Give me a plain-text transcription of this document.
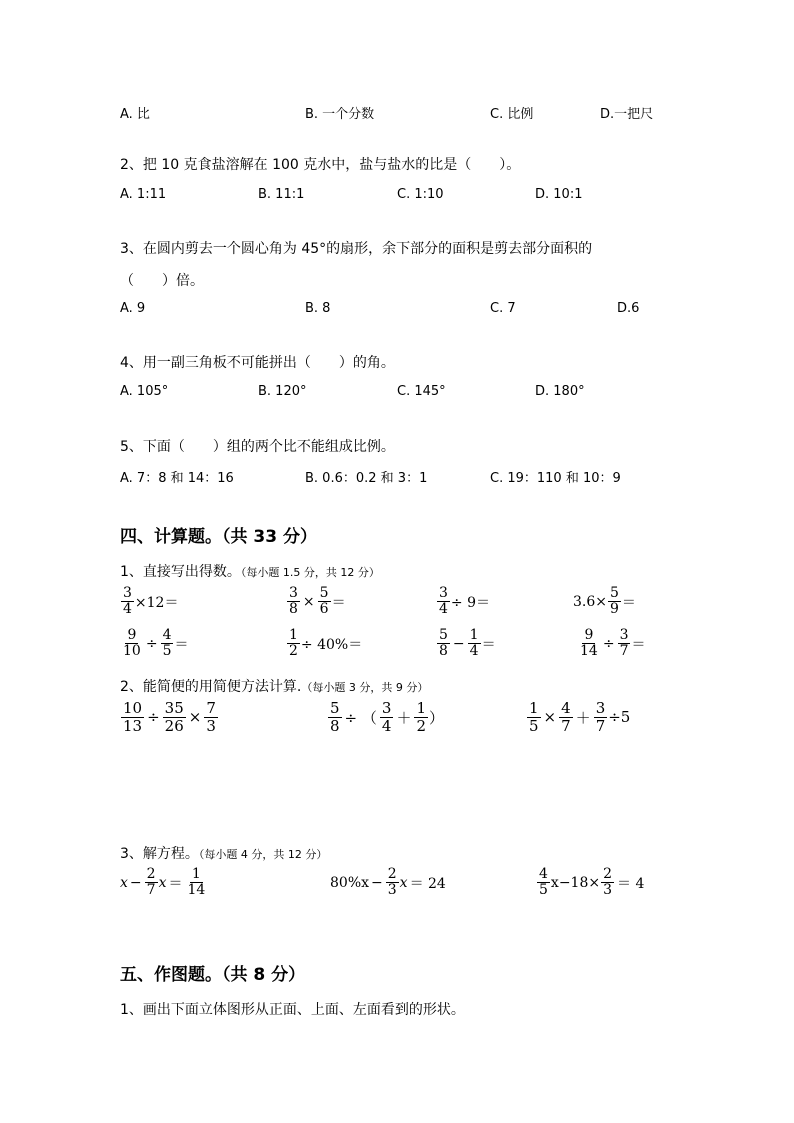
A. 比	B. 一个分数	C. 比例	D.一把尺
2、把 10 克食盐溶解在 100 克水中，盐与盐水的比是（　　）。
A. 1:11	B. 11:1	C. 1:10	D. 10:1
3、在圆内剪去一个圆心角为 45°的扇形，余下部分的面积是剪去部分面积的
（　　）倍。
A. 9	B. 8	C. 7	D.6
4、用一副三角板不可能拼出（　　）的角。
A. 105°	B. 120°	C. 145°	D. 180°
5、下面（　　）组的两个比不能组成比例。
A. 7：8 和 14：16	B. 0.6：0.2 和 3：1	C. 19：110 和 10：9
四、计算题。（共 33 分）
1、直接写出得数。（每小题 1.5 分，共 12 分）
$\frac{3}{4} \times 12=$	$\frac{3}{8} \times \frac{5}{6}$ ＝	$\frac{3}{4} \div 9=$	$3.6\times \frac{5}{9}$ ＝
$\frac{9}{10} \div \frac{4}{5}$ ＝	$\frac{1}{2} \div 40\%=$	$\frac{5}{8} - \frac{1}{4}$ ＝	$\frac{9}{14} \div \frac{3}{7}$ ＝
2、能简便的用简便方法计算.（每小题 3 分，共 9 分）
$\frac{10}{13} \div \frac{35}{26} \times \frac{7}{3}$	$\frac{5}{8}$ ÷ （ $\frac{3}{4} + \frac{1}{2}$ ）	$\frac{1}{5} \times \frac{4}{7} + \frac{3}{7} \div 5$
3、解方程。（每小题 4 分，共 12 分）
$x - \frac{2}{7}$ $x = \frac{1}{14}$	$80\%x - \frac{2}{3}$ x ＝ 24	$\frac{4}{5} x-18\times \frac{2}{3} = 4$
五、作图题。（共 8 分）
1、画出下面立体图形从正面、上面、左面看到的形状。
